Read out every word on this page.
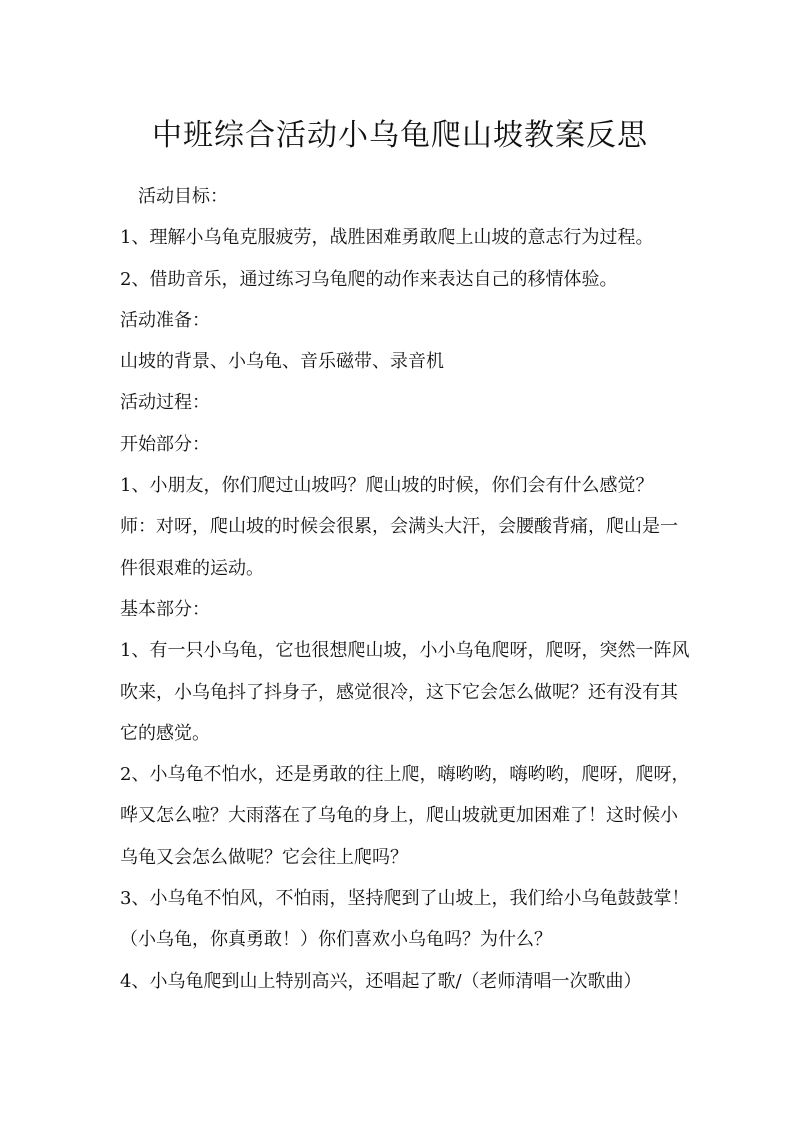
中班综合活动小乌龟爬山坡教案反思

活动目标：

1、理解小乌龟克服疲劳，战胜困难勇敢爬上山坡的意志行为过程。

2、借助音乐，通过练习乌龟爬的动作来表达自己的移情体验。

活动准备：

山坡的背景、小乌龟、音乐磁带、录音机

活动过程：

开始部分：

1、小朋友，你们爬过山坡吗？爬山坡的时候，你们会有什么感觉？

师：对呀，爬山坡的时候会很累，会满头大汗，会腰酸背痛，爬山是一件很艰难的运动。

基本部分：

1、有一只小乌龟，它也很想爬山坡，小小乌龟爬呀，爬呀，突然一阵风吹来，小乌龟抖了抖身子，感觉很冷，这下它会怎么做呢？还有没有其它的感觉。

2、小乌龟不怕水，还是勇敢的往上爬，嗨哟哟，嗨哟哟，爬呀，爬呀，哗又怎么啦？大雨落在了乌龟的身上，爬山坡就更加困难了！这时候小乌龟又会怎么做呢？它会往上爬吗？

3、小乌龟不怕风，不怕雨，坚持爬到了山坡上，我们给小乌龟鼓鼓掌！（小乌龟，你真勇敢！）你们喜欢小乌龟吗？为什么？

4、小乌龟爬到山上特别高兴，还唱起了歌/（老师清唱一次歌曲）
